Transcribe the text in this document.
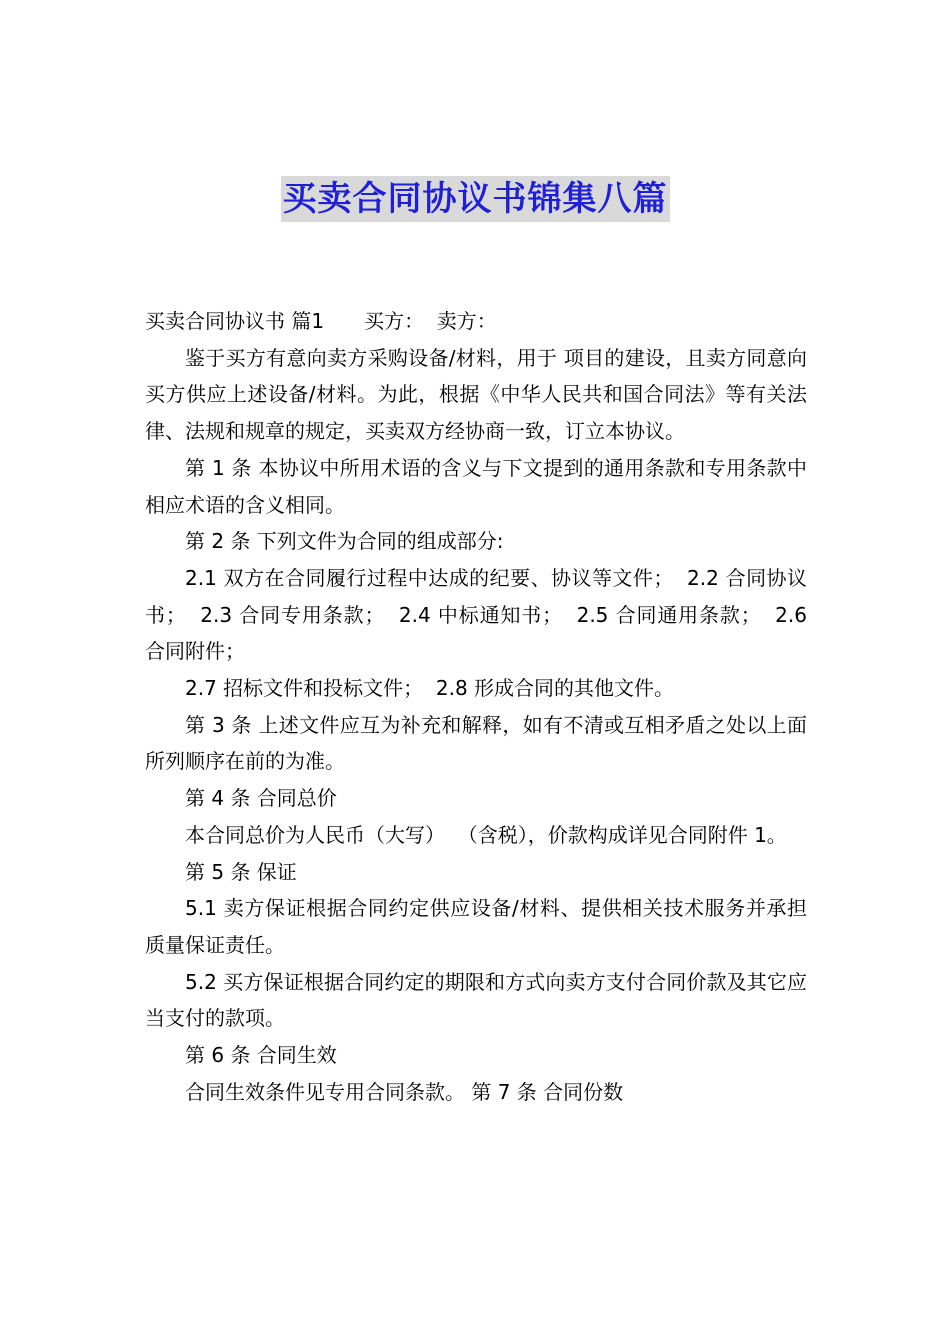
买卖合同协议书锦集八篇

买卖合同协议书 篇1　　买方：  卖方：

鉴于买方有意向卖方采购设备/材料，用于 项目的建设，且卖方同意向买方供应上述设备/材料。为此，根据《中华人民共和国合同法》等有关法律、法规和规章的规定，买卖双方经协商一致，订立本协议。

第 1 条 本协议中所用术语的含义与下文提到的通用条款和专用条款中相应术语的含义相同。

第 2 条 下列文件为合同的组成部分:

2.1 双方在合同履行过程中达成的纪要、协议等文件；  2.2 合同协议书；  2.3 合同专用条款；  2.4 中标通知书；  2.5 合同通用条款；  2.6 合同附件；

2.7 招标文件和投标文件；  2.8 形成合同的其他文件。

第 3 条 上述文件应互为补充和解释，如有不清或互相矛盾之处以上面所列顺序在前的为准。

第 4 条 合同总价

本合同总价为人民币（大写）  （含税），价款构成详见合同附件 1。

第 5 条 保证

5.1 卖方保证根据合同约定供应设备/材料、提供相关技术服务并承担质量保证责任。

5.2 买方保证根据合同约定的期限和方式向卖方支付合同价款及其它应当支付的款项。

第 6 条 合同生效

合同生效条件见专用合同条款。 第 7 条 合同份数
